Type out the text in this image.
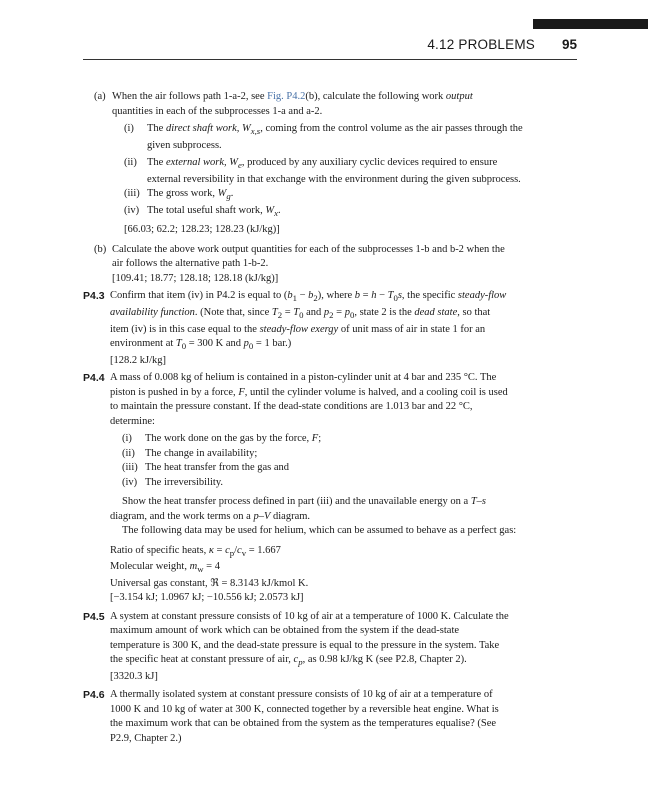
4.12 PROBLEMS 95
(a) When the air follows path 1-a-2, see Fig. P4.2(b), calculate the following work output
quantities in each of the subprocesses 1-a and a-2.
(i) The direct shaft work, $W_{x,s}$, coming from the control volume as the air passes through the
given subprocess.
(ii) The external work, $W_e$, produced by any auxiliary cyclic devices required to ensure
external reversibility in that exchange with the environment during the given subprocess.
(iii) The gross work, $W_g$.
(iv) The total useful shaft work, $W_x$.
[66.03; 62.2; 128.23; 128.23 (kJ/kg)]
(b) Calculate the above work output quantities for each of the subprocesses 1-b and b-2 when the
air follows the alternative path 1-b-2.
[109.41; 18.77; 128.18; 128.18 (kJ/kg)]
P4.3 Confirm that item (iv) in P4.2 is equal to $(b_1 - b_2)$, where $b = h - T_0s$, the specific steady-flow
availability function. (Note that, since $T_2 = T_0$ and $p_2 = p_0$, state 2 is the dead state, so that
item (iv) is in this case equal to the steady-flow exergy of unit mass of air in state 1 for an
environment at $T_0 = 300$ K and $p_0 = 1$ bar.)
[128.2 kJ/kg]
P4.4 A mass of 0.008 kg of helium is contained in a piston-cylinder unit at 4 bar and 235 °C. The
piston is pushed in by a force, F, until the cylinder volume is halved, and a cooling coil is used
to maintain the pressure constant. If the dead-state conditions are 1.013 bar and 22 °C,
determine:
(i) The work done on the gas by the force, F;
(ii) The change in availability;
(iii) The heat transfer from the gas and
(iv) The irreversibility.
Show the heat transfer process defined in part (iii) and the unavailable energy on a T–s
diagram, and the work terms on a p–V diagram.
The following data may be used for helium, which can be assumed to behave as a perfect gas:
Ratio of specific heats, $\kappa = c_p/c_v = 1.667$
Molecular weight, $m_w = 4$
Universal gas constant, ℜ = 8.3143 kJ/kmol K.
[−3.154 kJ; 1.0967 kJ; −10.556 kJ; 2.0573 kJ]
P4.5 A system at constant pressure consists of 10 kg of air at a temperature of 1000 K. Calculate the
maximum amount of work which can be obtained from the system if the dead-state
temperature is 300 K, and the dead-state pressure is equal to the pressure in the system. Take
the specific heat at constant pressure of air, $c_p$, as 0.98 kJ/kg K (see P2.8, Chapter 2).
[3320.3 kJ]
P4.6 A thermally isolated system at constant pressure consists of 10 kg of air at a temperature of
1000 K and 10 kg of water at 300 K, connected together by a reversible heat engine. What is
the maximum work that can be obtained from the system as the temperatures equalise? (See
P2.9, Chapter 2.)
